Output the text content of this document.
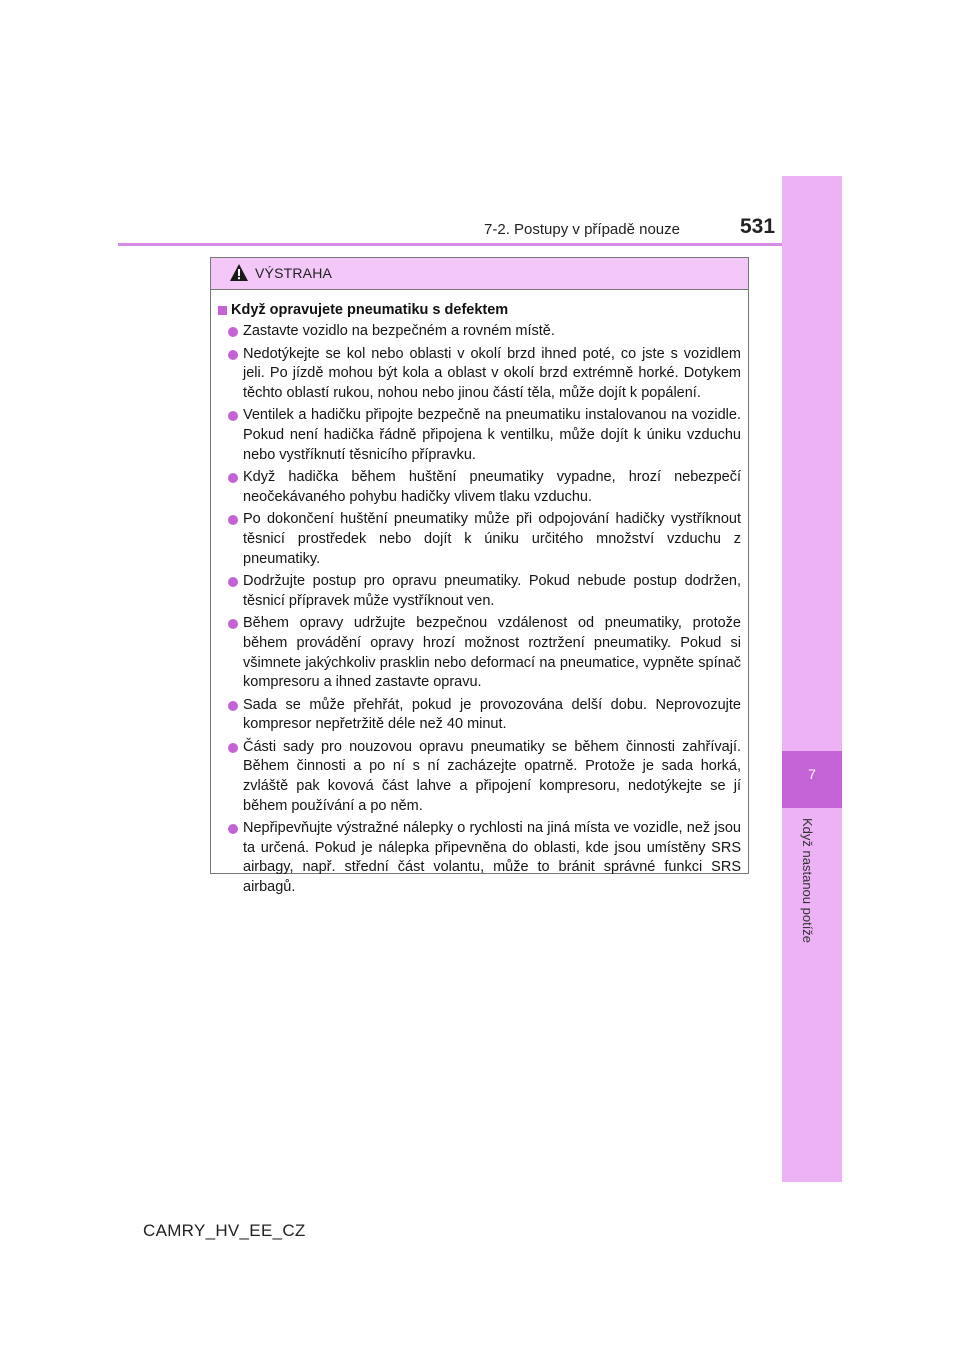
7
Když nastanou potíže
7-2. Postupy v případě nouze	531
VÝSTRAHA
Když opravujete pneumatiku s defektem
Zastavte vozidlo na bezpečném a rovném místě.
Nedotýkejte se kol nebo oblasti v okolí brzd ihned poté, co jste s vozidlem jeli. Po jízdě mohou být kola a oblast v okolí brzd extrémně horké. Dotykem těchto oblastí rukou, nohou nebo jinou částí těla, může dojít k popálení.
Ventilek a hadičku připojte bezpečně na pneumatiku instalovanou na vozidle. Pokud není hadička řádně připojena k ventilku, může dojít k úniku vzduchu nebo vystříknutí těsnicího přípravku.
Když hadička během huštění pneumatiky vypadne, hrozí nebezpečí neočekávaného pohybu hadičky vlivem tlaku vzduchu.
Po dokončení huštění pneumatiky může při odpojování hadičky vystříknout těsnicí prostředek nebo dojít k úniku určitého množství vzduchu z pneumatiky.
Dodržujte postup pro opravu pneumatiky. Pokud nebude postup dodržen, těsnicí přípravek může vystříknout ven.
Během opravy udržujte bezpečnou vzdálenost od pneumatiky, protože během provádění opravy hrozí možnost roztržení pneumatiky. Pokud si všimnete jakýchkoliv prasklin nebo deformací na pneumatice, vypněte spínač kompresoru a ihned zastavte opravu.
Sada se může přehřát, pokud je provozována delší dobu. Neprovozujte kompresor nepřetržitě déle než 40 minut.
Části sady pro nouzovou opravu pneumatiky se během činnosti zahřívají. Během činnosti a po ní s ní zacházejte opatrně. Protože je sada horká, zvláště pak kovová část lahve a připojení kompresoru, nedotýkejte se jí během používání a po něm.
Nepřipevňujte výstražné nálepky o rychlosti na jiná místa ve vozidle, než jsou ta určená. Pokud je nálepka připevněna do oblasti, kde jsou umístěny SRS airbagy, např. střední část volantu, může to bránit správné funkci SRS airbagů.
CAMRY_HV_EE_CZ
